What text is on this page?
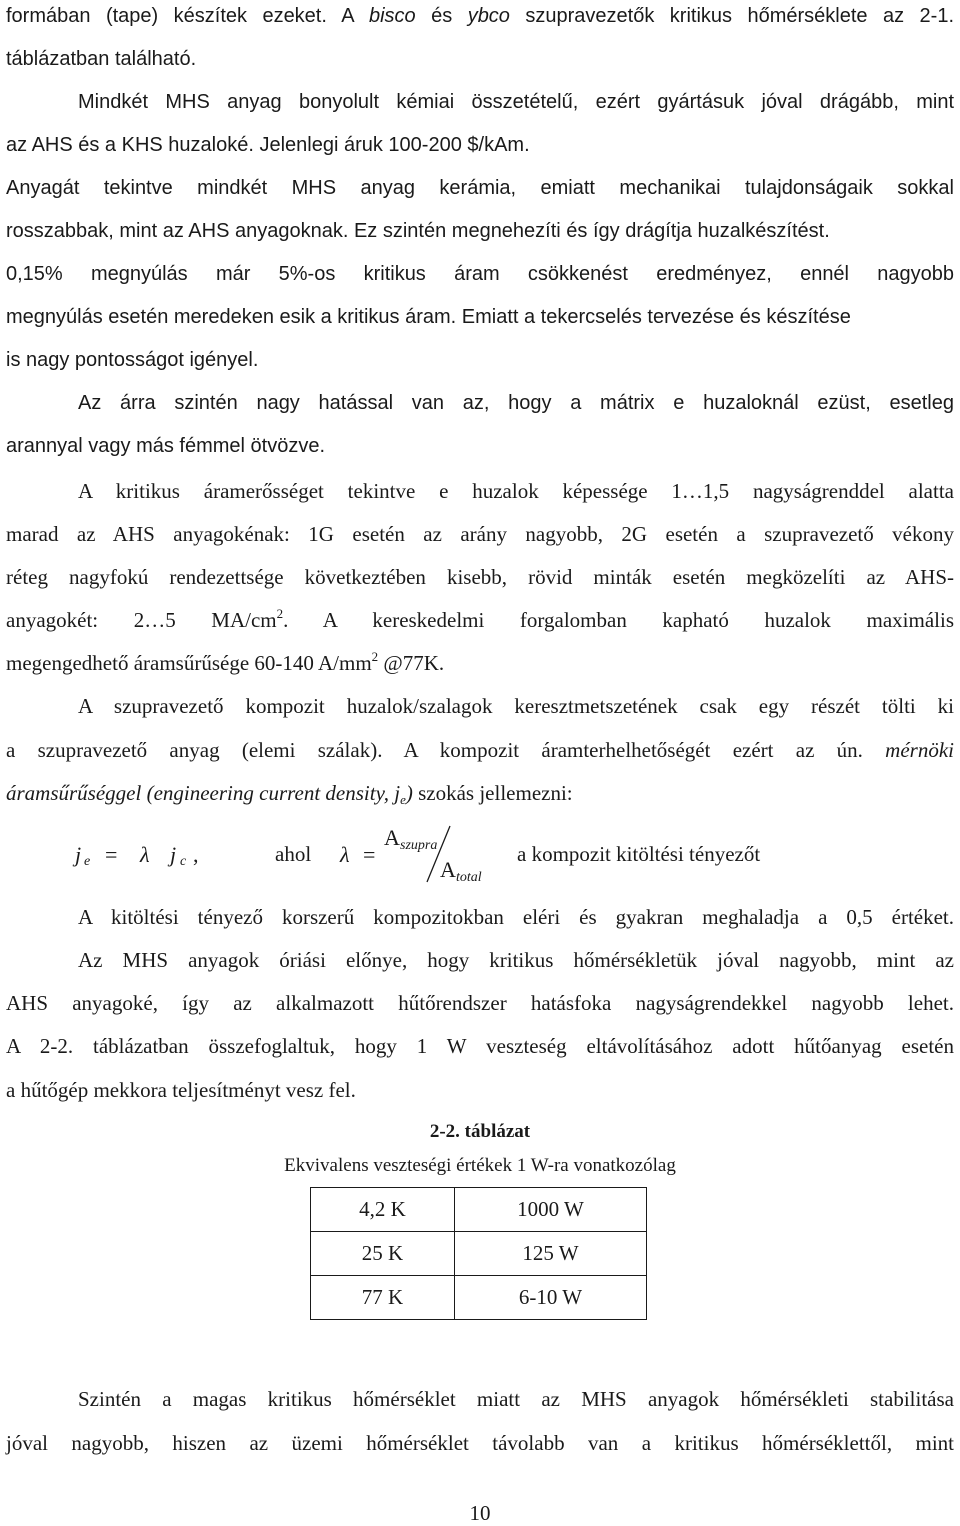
formában (tape) készítek ezeket. A bisco és ybco szupravezetők kritikus hőmérséklete az 2-1.
táblázatban található.
Mindkét MHS anyag bonyolult kémiai összetételű, ezért gyártásuk jóval drágább, mint
az AHS és a KHS huzaloké. Jelenlegi áruk 100-200 $/kAm.
Anyagát tekintve mindkét MHS anyag kerámia, emiatt mechanikai tulajdonságaik sokkal
rosszabbak, mint az AHS anyagoknak. Ez szintén megnehezíti és így drágítja huzalkészítést.
0,15% megnyúlás már 5%-os kritikus áram csökkenést eredményez, ennél nagyobb
megnyúlás esetén meredeken esik a kritikus áram. Emiatt a tekercselés tervezése és készítése
is nagy pontosságot igényel.
Az árra szintén nagy hatással van az, hogy a mátrix e huzaloknál ezüst, esetleg
arannyal vagy más fémmel ötvözve.
A kritikus áramerősséget tekintve e huzalok képessége 1…1,5 nagyságrenddel alatta
marad az AHS anyagokénak: 1G esetén az arány nagyobb, 2G esetén a szupravezető vékony
réteg nagyfokú rendezettsége következtében kisebb, rövid minták esetén megközelíti az AHS-
anyagokét: 2…5 $MA/cm^2$. A kereskedelmi forgalomban kapható huzalok maximális
megengedhető áramsűrűsége 60-140 $A/mm^2$ @77K.
A szupravezető kompozit huzalok/szalagok keresztmetszetének csak egy részét tölti ki
a szupravezető anyag (elemi szálak). A kompozit áramterhelhetőségét ezért az ún. mérnöki
áramsűrűséggel (engineering current density, $j_e$) szokás jellemezni:
j e = λ j c ,	ahol λ =
A szupra
A total
a kompozit kitöltési tényezőt
A kitöltési tényező korszerű kompozitokban eléri és gyakran meghaladja a 0,5 értéket.
Az MHS anyagok óriási előnye, hogy kritikus hőmérsékletük jóval nagyobb, mint az
AHS anyagoké, így az alkalmazott hűtőrendszer hatásfoka nagyságrendekkel nagyobb lehet.
A 2-2. táblázatban összefoglaltuk, hogy 1 W veszteség eltávolításához adott hűtőanyag esetén
a hűtőgép mekkora teljesítményt vesz fel.
2-2. táblázat
Ekvivalens veszteségi értékek 1 W-ra vonatkozólag
4,2 K	1000 W
25 K	125 W
77 K	6-10 W
Szintén a magas kritikus hőmérséklet miatt az MHS anyagok hőmérsékleti stabilitása
jóval nagyobb, hiszen az üzemi hőmérséklet távolabb van a kritikus hőmérséklettől, mint
10
